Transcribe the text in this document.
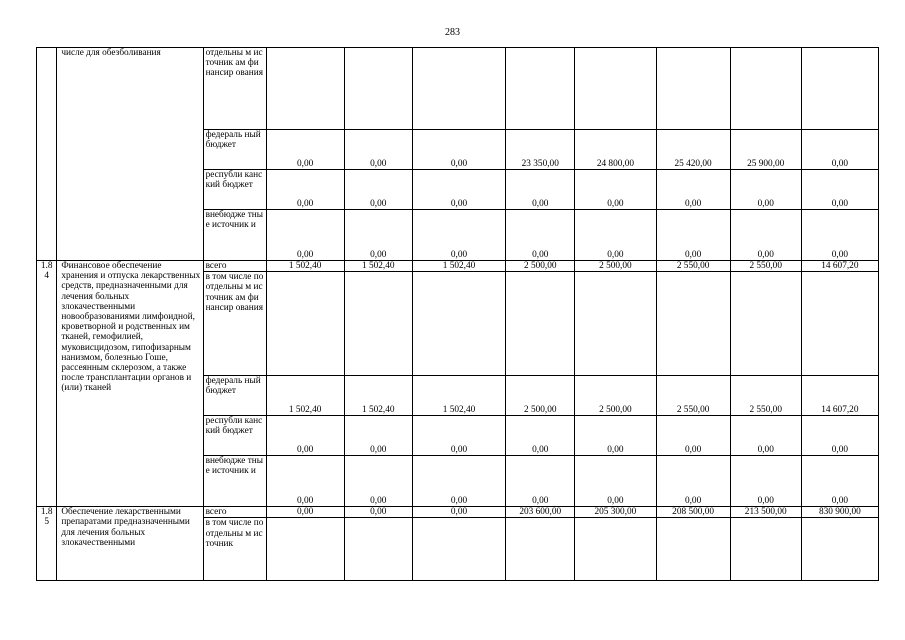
283
	числе для обезболивания	отдельны м источник ам финансир ования								
		федераль ный бюджет	0,00	0,00	0,00	23 350,00	24 800,00	25 420,00	25 900,00	0,00
		республи канский бюджет	0,00	0,00	0,00	0,00	0,00	0,00	0,00	0,00
		внебюдже тные источник и	0,00	0,00	0,00	0,00	0,00	0,00	0,00	0,00
1.8 4	Финансовое обеспечение хранения и отпуска лекарственных средств, предназначенными для лечения больных злокачественными новообразованиями лимфоидной, кроветворной и родственных им тканей, гемофилией, муковисцидозом, гипофизарным нанизмом, болезнью Гоше, рассеянным склерозом, а также после трансплантации органов и (или) тканей	всего	1 502,40	1 502,40	1 502,40	2 500,00	2 500,00	2 550,00	2 550,00	14 607,20
		в том числе по отдельны м источник ам финансир ования								
		федераль ный бюджет	1 502,40	1 502,40	1 502,40	2 500,00	2 500,00	2 550,00	2 550,00	14 607,20
		республи канский бюджет	0,00	0,00	0,00	0,00	0,00	0,00	0,00	0,00
		внебюдже тные источник и	0,00	0,00	0,00	0,00	0,00	0,00	0,00	0,00
1.8 5	Обеспечение лекарственными препаратами предназначенными для лечения больных злокачественными	всего	0,00	0,00	0,00	203 600,00	205 300,00	208 500,00	213 500,00	830 900,00
		в том числе по отдельны м источник								
